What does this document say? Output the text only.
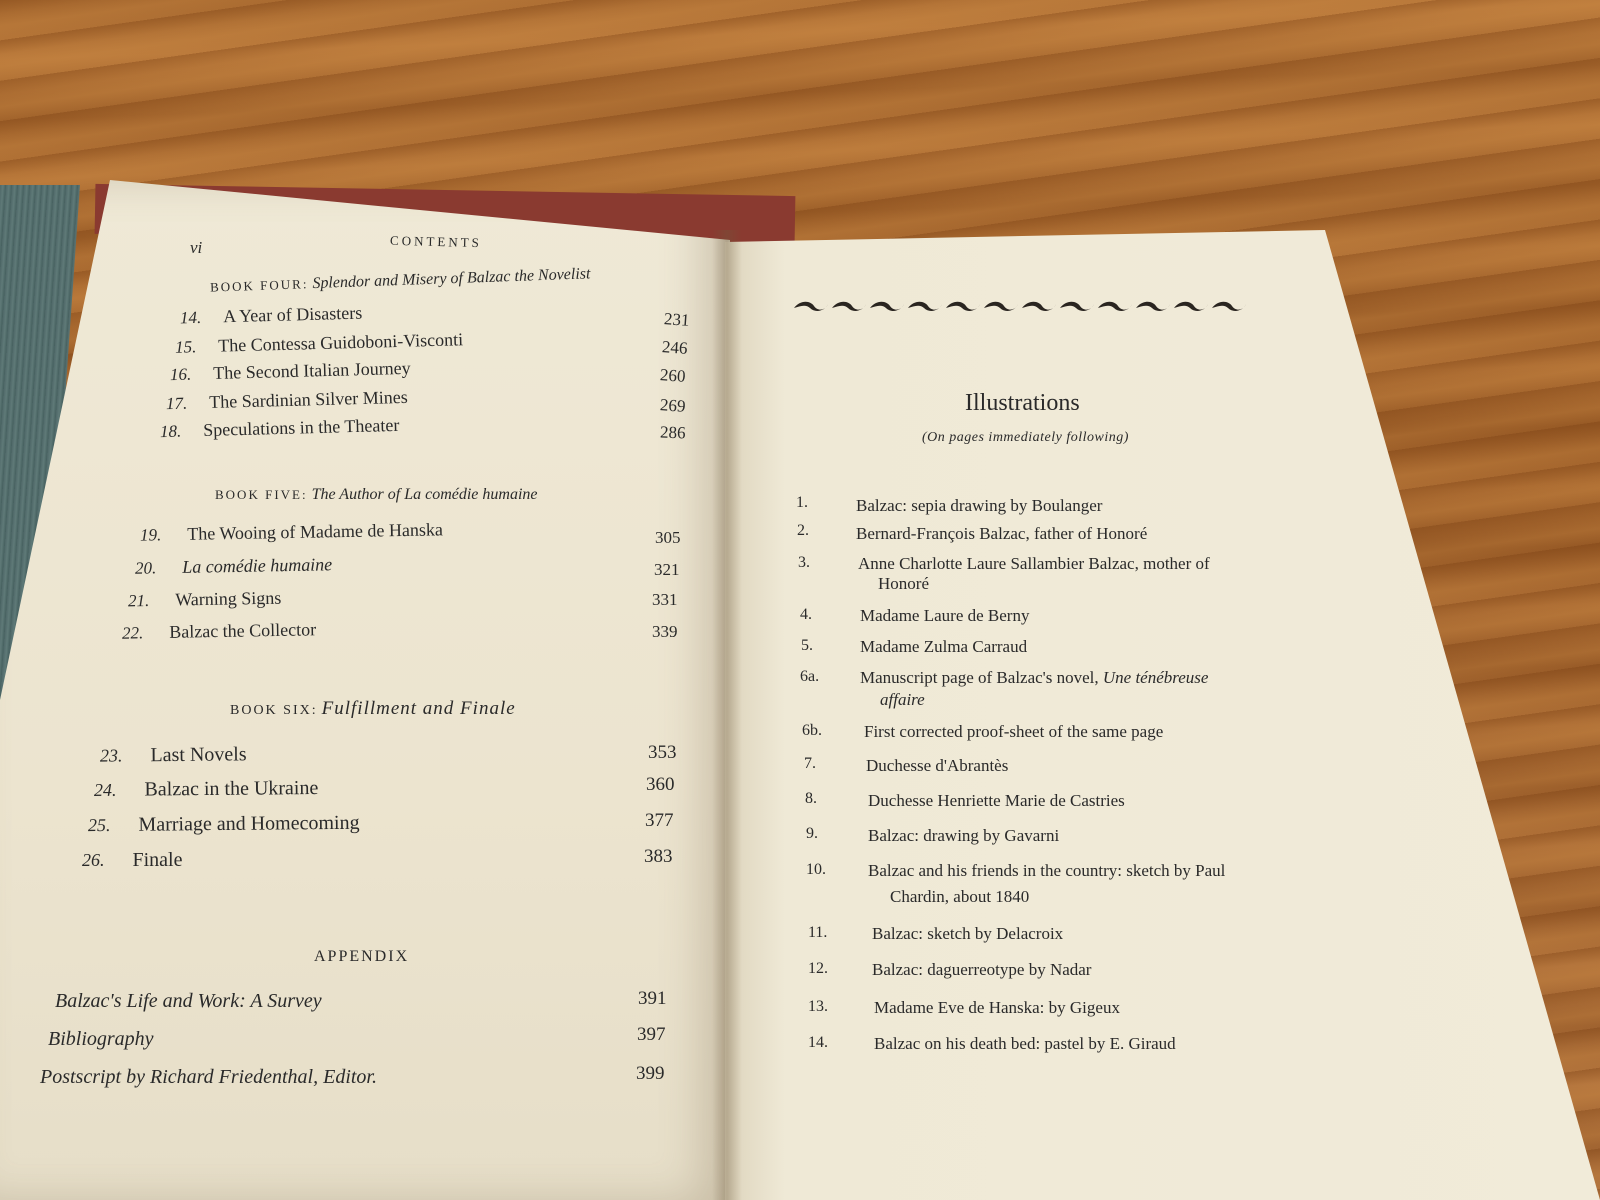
vi	CONTENTS
BOOK FOUR: Splendor and Misery of Balzac the Novelist
14. A Year of Disasters	231
15. The Contessa Guidoboni-Visconti	246
16. The Second Italian Journey	260
17. The Sardinian Silver Mines	269
18. Speculations in the Theater	286
BOOK FIVE: The Author of La comédie humaine
19. The Wooing of Madame de Hanska	305
20. La comédie humaine	321
21. Warning Signs	331
22. Balzac the Collector	339
BOOK SIX: Fulfillment and Finale
23. Last Novels	353
24. Balzac in the Ukraine	360
25. Marriage and Homecoming	377
26. Finale	383
APPENDIX
Balzac's Life and Work: A Survey	391
Bibliography	397
Postscript by Richard Friedenthal, Editor.	399
Illustrations
(On pages immediately following)
1.	Balzac: sepia drawing by Boulanger
2.	Bernard-François Balzac, father of Honoré
3.	Anne Charlotte Laure Sallambier Balzac, mother of
Honoré
4.	Madame Laure de Berny
5.	Madame Zulma Carraud
6a. Manuscript page of Balzac's novel, Une ténébreuse
affaire
6b. First corrected proof-sheet of the same page
7.	Duchesse d'Abrantès
8.	Duchesse Henriette Marie de Castries
9.	Balzac: drawing by Gavarni
10. Balzac and his friends in the country: sketch by Paul
Chardin, about 1840
11.	Balzac: sketch by Delacroix
12.	Balzac: daguerreotype by Nadar
13.	Madame Eve de Hanska: by Gigeux
14.	Balzac on his death bed: pastel by E. Giraud
